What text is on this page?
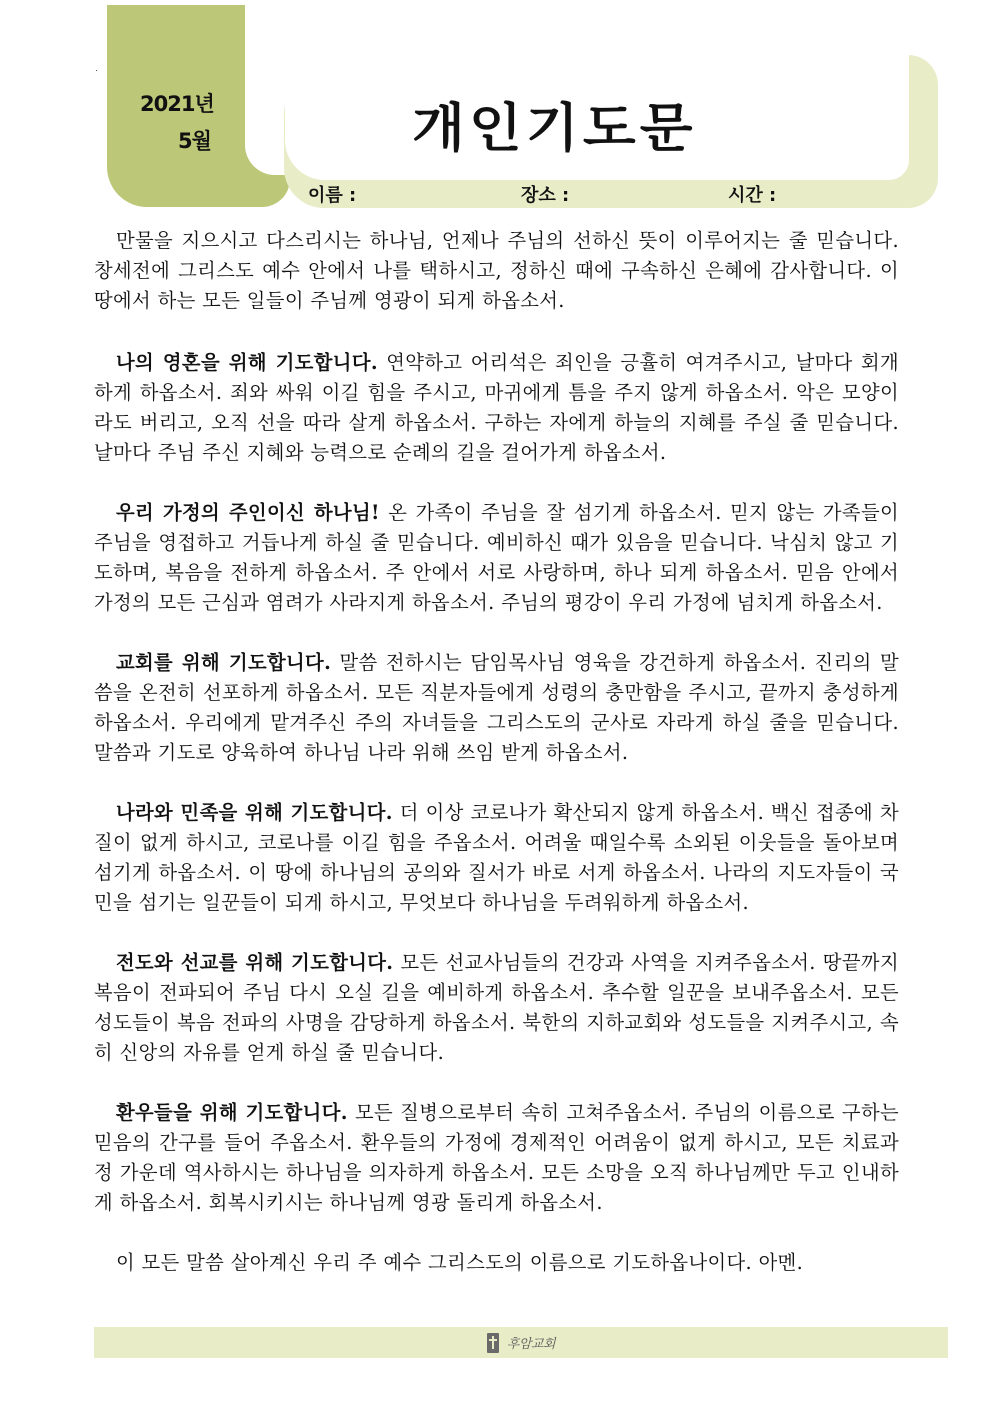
2021년
5월	개인기도문
이름 :	장소 :	시간 :

만물을 지으시고 다스리시는 하나님, 언제나 주님의 선하신 뜻이 이루어지는 줄 믿습니다. 창세전에 그리스도 예수 안에서 나를 택하시고, 정하신 때에 구속하신 은혜에 감사합니다. 이 땅에서 하는 모든 일들이 주님께 영광이 되게 하옵소서.

나의 영혼을 위해 기도합니다. 연약하고 어리석은 죄인을 긍휼히 여겨주시고, 날마다 회개하게 하옵소서. 죄와 싸워 이길 힘을 주시고, 마귀에게 틈을 주지 않게 하옵소서. 악은 모양이라도 버리고, 오직 선을 따라 살게 하옵소서. 구하는 자에게 하늘의 지혜를 주실 줄 믿습니다. 날마다 주님 주신 지혜와 능력으로 순례의 길을 걸어가게 하옵소서.

우리 가정의 주인이신 하나님! 온 가족이 주님을 잘 섬기게 하옵소서. 믿지 않는 가족들이 주님을 영접하고 거듭나게 하실 줄 믿습니다. 예비하신 때가 있음을 믿습니다. 낙심치 않고 기도하며, 복음을 전하게 하옵소서. 주 안에서 서로 사랑하며, 하나 되게 하옵소서. 믿음 안에서 가정의 모든 근심과 염려가 사라지게 하옵소서. 주님의 평강이 우리 가정에 넘치게 하옵소서.

교회를 위해 기도합니다. 말씀 전하시는 담임목사님 영육을 강건하게 하옵소서. 진리의 말씀을 온전히 선포하게 하옵소서. 모든 직분자들에게 성령의 충만함을 주시고, 끝까지 충성하게 하옵소서. 우리에게 맡겨주신 주의 자녀들을 그리스도의 군사로 자라게 하실 줄을 믿습니다. 말씀과 기도로 양육하여 하나님 나라 위해 쓰임 받게 하옵소서.

나라와 민족을 위해 기도합니다. 더 이상 코로나가 확산되지 않게 하옵소서. 백신 접종에 차질이 없게 하시고, 코로나를 이길 힘을 주옵소서. 어려울 때일수록 소외된 이웃들을 돌아보며 섬기게 하옵소서. 이 땅에 하나님의 공의와 질서가 바로 서게 하옵소서. 나라의 지도자들이 국민을 섬기는 일꾼들이 되게 하시고, 무엇보다 하나님을 두려워하게 하옵소서.

전도와 선교를 위해 기도합니다. 모든 선교사님들의 건강과 사역을 지켜주옵소서. 땅끝까지 복음이 전파되어 주님 다시 오실 길을 예비하게 하옵소서. 추수할 일꾼을 보내주옵소서. 모든 성도들이 복음 전파의 사명을 감당하게 하옵소서. 북한의 지하교회와 성도들을 지켜주시고, 속히 신앙의 자유를 얻게 하실 줄 믿습니다.

환우들을 위해 기도합니다. 모든 질병으로부터 속히 고쳐주옵소서. 주님의 이름으로 구하는 믿음의 간구를 들어 주옵소서. 환우들의 가정에 경제적인 어려움이 없게 하시고, 모든 치료과정 가운데 역사하시는 하나님을 의자하게 하옵소서. 모든 소망을 오직 하나님께만 두고 인내하게 하옵소서. 회복시키시는 하나님께 영광 돌리게 하옵소서.

이 모든 말씀 살아계신 우리 주 예수 그리스도의 이름으로 기도하옵나이다. 아멘.

후암교회
